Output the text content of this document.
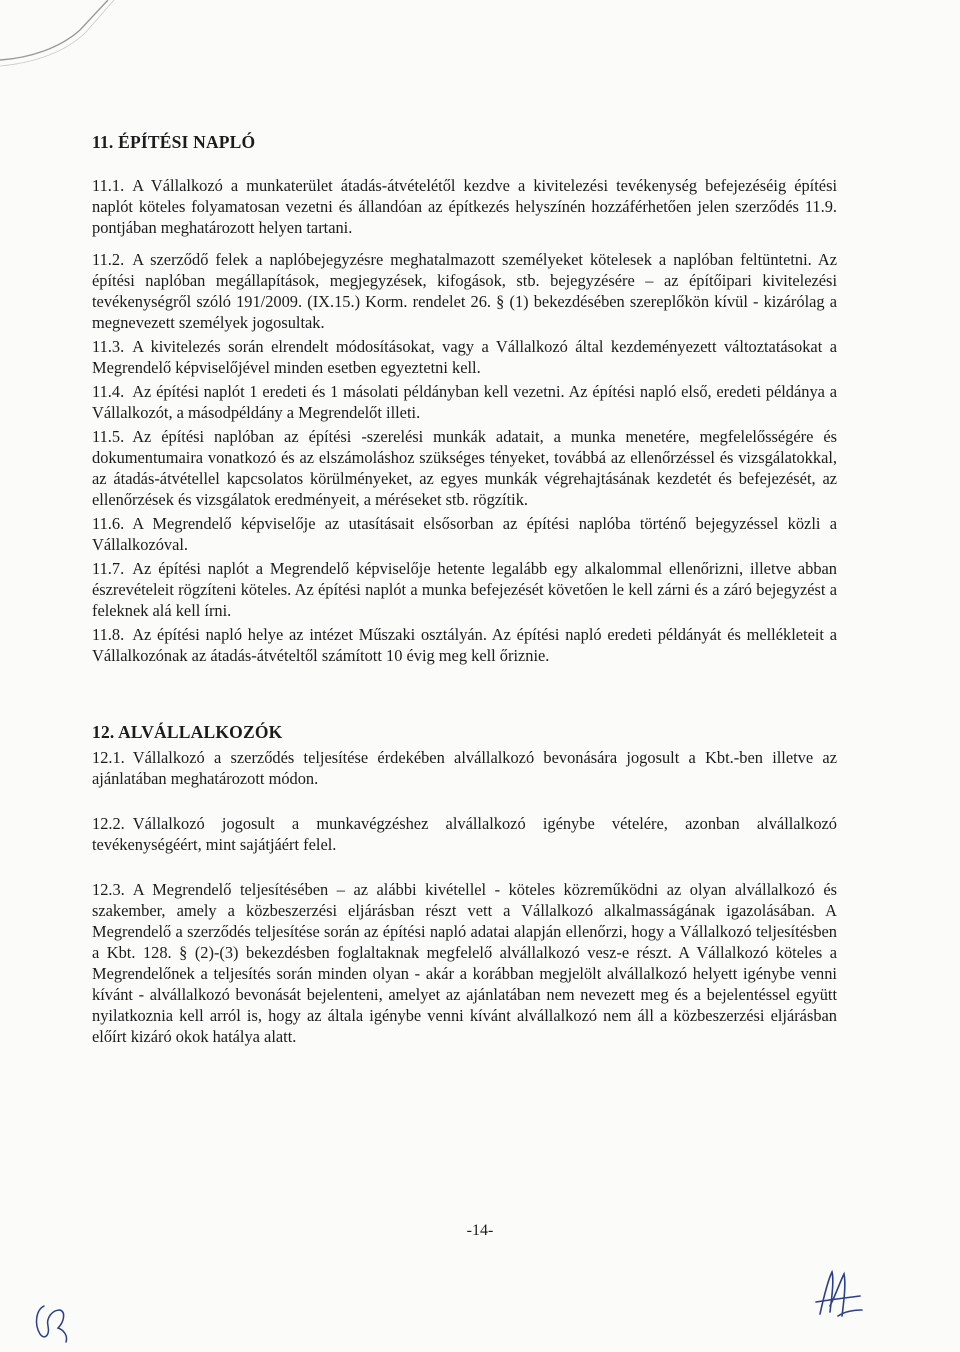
11. ÉPÍTÉSI NAPLÓ

11.1. A Vállalkozó a munkaterület átadás-átvételétől kezdve a kivitelezési tevékenység befejezéséig építési naplót köteles folyamatosan vezetni és állandóan az építkezés helyszínén hozzáférhetően jelen szerződés 11.9. pontjában meghatározott helyen tartani.

11.2. A szerződő felek a naplóbejegyzésre meghatalmazott személyeket kötelesek a naplóban feltüntetni. Az építési naplóban megállapítások, megjegyzések, kifogások, stb. bejegyzésére – az építőipari kivitelezési tevékenységről szóló 191/2009. (IX.15.) Korm. rendelet 26. § (1) bekezdésében szereplőkön kívül - kizárólag a megnevezett személyek jogosultak.

11.3. A kivitelezés során elrendelt módosításokat, vagy a Vállalkozó által kezdeményezett változtatásokat a Megrendelő képviselőjével minden esetben egyeztetni kell.

11.4. Az építési naplót 1 eredeti és 1 másolati példányban kell vezetni. Az építési napló első, eredeti példánya a Vállalkozót, a másodpéldány a Megrendelőt illeti.

11.5. Az építési naplóban az építési -szerelési munkák adatait, a munka menetére, megfelelősségére és dokumentumaira vonatkozó és az elszámoláshoz szükséges tényeket, továbbá az ellenőrzéssel és vizsgálatokkal, az átadás-átvétellel kapcsolatos körülményeket, az egyes munkák végrehajtásának kezdetét és befejezését, az ellenőrzések és vizsgálatok eredményeit, a méréseket stb. rögzítik.

11.6. A Megrendelő képviselője az utasításait elsősorban az építési naplóba történő bejegyzéssel közli a Vállalkozóval.

11.7. Az építési naplót a Megrendelő képviselője hetente legalább egy alkalommal ellenőrizni, illetve abban észrevételeit rögzíteni köteles. Az építési naplót a munka befejezését követően le kell zárni és a záró bejegyzést a feleknek alá kell írni.

11.8. Az építési napló helye az intézet Műszaki osztályán. Az építési napló eredeti példányát és mellékleteit a Vállalkozónak az átadás-átvételtől számított 10 évig meg kell őriznie.

12. ALVÁLLALKOZÓK

12.1. Vállalkozó a szerződés teljesítése érdekében alvállalkozó bevonására jogosult a Kbt.-ben illetve az ajánlatában meghatározott módon.

12.2. Vállalkozó jogosult a munkavégzéshez alvállalkozó igénybe vételére, azonban alvállalkozó tevékenységéért, mint sajátjáért felel.

12.3. A Megrendelő teljesítésében – az alábbi kivétellel - köteles közreműködni az olyan alvállalkozó és szakember, amely a közbeszerzési eljárásban részt vett a Vállalkozó alkalmasságának igazolásában. A Megrendelő a szerződés teljesítése során az építési napló adatai alapján ellenőrzi, hogy a Vállalkozó teljesítésben a Kbt. 128. § (2)-(3) bekezdésben foglaltaknak megfelelő alvállalkozó vesz-e részt. A Vállalkozó köteles a Megrendelőnek a teljesítés során minden olyan - akár a korábban megjelölt alvállalkozó helyett igénybe venni kívánt - alvállalkozó bevonását bejelenteni, amelyet az ajánlatában nem nevezett meg és a bejelentéssel együtt nyilatkoznia kell arról is, hogy az általa igénybe venni kívánt alvállalkozó nem áll a közbeszerzési eljárásban előírt kizáró okok hatálya alatt.

-14-
